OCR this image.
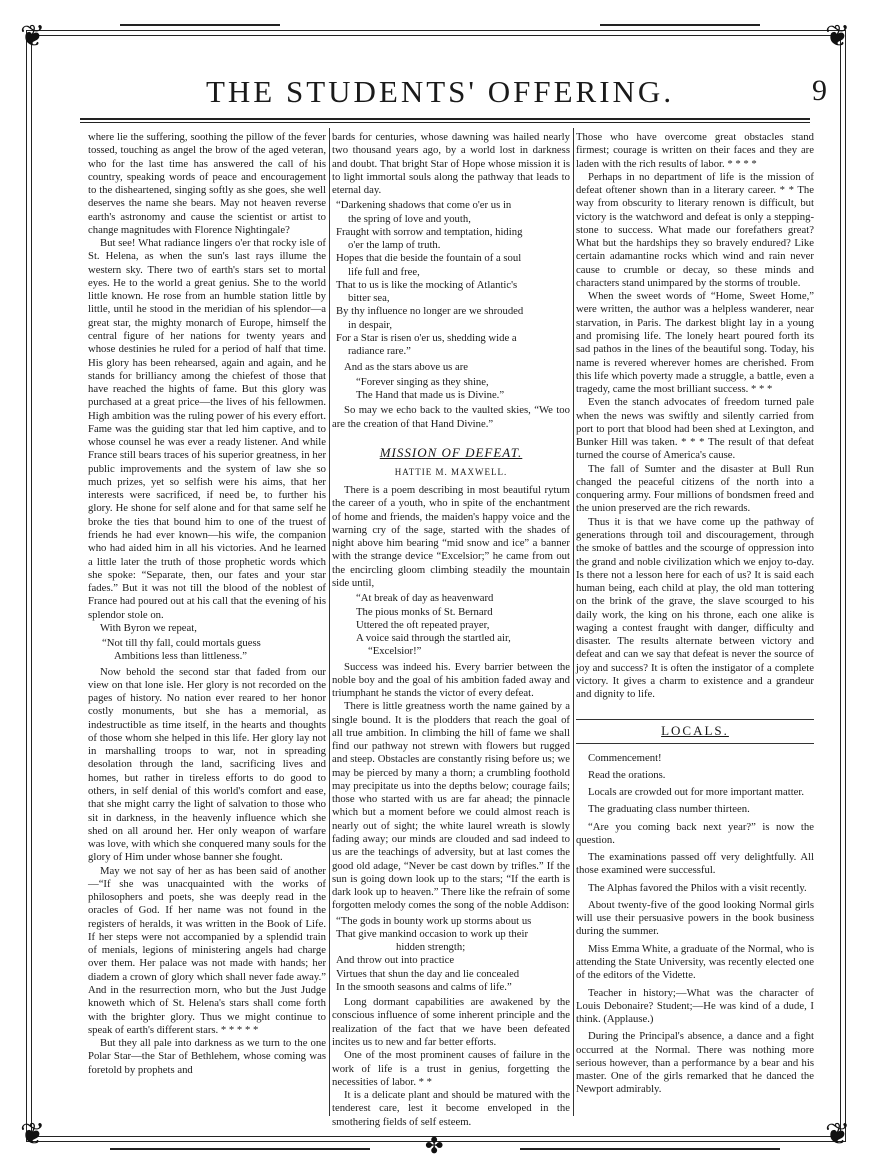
❦	❦
❦	❦
✤
THE STUDENTS' OFFERING.	9

where lie the suffering, soothing the pillow of the fever tossed, touching as angel the brow of the aged veteran, who for the last time has answered the call of his country, speaking words of peace and encouragement to the disheartened, singing softly as she goes, she well deserves the name she bears. May not heaven reverse earth's astronomy and cause the scientist or artist to change magnitudes with Florence Nightingale?

But see! What radiance lingers o'er that rocky isle of St. Helena, as when the sun's last rays illume the western sky. There two of earth's stars set to mortal eyes. He to the world a great genius. She to the world little known. He rose from an humble station little by little, until he stood in the meridian of his splendor—a great star, the mighty monarch of Europe, himself the central figure of her nations for twenty years and whose destinies he ruled for a period of half that time. His glory has been rehearsed, again and again, and he stands for brilliancy among the chiefest of those that have reached the hights of fame. But this glory was purchased at a great price—the lives of his fellowmen. High ambition was the ruling power of his every effort. Fame was the guiding star that led him captive, and to whose counsel he was ever a ready listener. And while France still bears traces of his superior greatness, in her public improvements and the system of law she so much prizes, yet so selfish were his aims, that her interests were sacrificed, if need be, to further his glory. He shone for self alone and for that same self he broke the ties that bound him to one of the truest of friends he had ever known—his wife, the companion who had aided him in all his victories. And he learned a little later the truth of those prophetic words which she spoke: “Separate, then, our fates and your star fades.” But it was not till the blood of the noblest of France had poured out at his call that the evening of his splendor stole on.

With Byron we repeat,

“Not till thy fall, could mortals guess
Ambitions less than littleness.”

Now behold the second star that faded from our view on that lone isle. Her glory is not recorded on the pages of history. No nation ever reared to her honor costly monuments, but she has a memorial, as indestructible as time itself, in the hearts and thoughts of those whom she helped in this life. Her glory lay not in marshalling troops to war, not in spreading desolation through the land, sacrificing lives and homes, but rather in tireless efforts to do good to others, in self denial of this world's comfort and ease, that she might carry the light of salvation to those who sit in darkness, in the heavenly influence which she shed on all around her. Her only weapon of warfare was love, with which she conquered many souls for the glory of Him under whose banner she fought.

May we not say of her as has been said of another—“If she was unacquainted with the works of philosophers and poets, she was deeply read in the oracles of God. If her name was not found in the registers of heralds, it was written in the Book of Life. If her steps were not accompanied by a splendid train of menials, legions of ministering angels had charge over them. Her palace was not made with hands; her diadem a crown of glory which shall never fade away.” And in the resurrection morn, who but the Just Judge knoweth which of St. Helena's stars shall come forth with the brighter glory. Thus we might continue to speak of earth's different stars. * * * * *

But they all pale into darkness as we turn to the one Polar Star—the Star of Bethlehem, whose coming was foretold by prophets and

bards for centuries, whose dawning was hailed nearly two thousand years ago, by a world lost in darkness and doubt. That bright Star of Hope whose mission it is to light immortal souls along the pathway that leads to eternal day.

“Darkening shadows that come o'er us in
the spring of love and youth,
Fraught with sorrow and temptation, hiding
o'er the lamp of truth.
Hopes that die beside the fountain of a soul
life full and free,
That to us is like the mocking of Atlantic's
bitter sea,
By thy influence no longer are we shrouded
in despair,
For a Star is risen o'er us, shedding wide a
radiance rare.”

And as the stars above us are

“Forever singing as they shine,
The Hand that made us is Divine.”

So may we echo back to the vaulted skies, “We too are the creation of that Hand Divine.”

MISSION OF DEFEAT.
HATTIE M. MAXWELL.

There is a poem describing in most beautiful rytum the career of a youth, who in spite of the enchantment of home and friends, the maiden's happy voice and the warning cry of the sage, started with the shades of night above him bearing “mid snow and ice” a banner with the strange device “Excelsior;” he came from out the encircling gloom climbing steadily the mountain side until,

“At break of day as heavenward
The pious monks of St. Bernard
Uttered the oft repeated prayer,
A voice said through the startled air,
“Excelsior!”

Success was indeed his. Every barrier between the noble boy and the goal of his ambition faded away and triumphant he stands the victor of every defeat.

There is little greatness worth the name gained by a single bound. It is the plodders that reach the goal of all true ambition. In climbing the hill of fame we shall find our pathway not strewn with flowers but rugged and steep. Obstacles are constantly rising before us; we may be pierced by many a thorn; a crumbling foothold may precipitate us into the depths below; courage fails; those who started with us are far ahead; the pinnacle which but a moment before we could almost reach is nearly out of sight; the white laurel wreath is slowly fading away; our minds are clouded and sad indeed to us are the teachings of adversity, but at last comes the good old adage, “Never be cast down by trifles.” If the sun is going down look up to the stars; “If the earth is dark look up to heaven.” There like the refrain of some forgotten melody comes the song of the noble Addison:

“The gods in bounty work up storms about us
That give mankind occasion to work up their
hidden strength;
And throw out into practice
Virtues that shun the day and lie concealed
In the smooth seasons and calms of life.”

Long dormant capabilities are awakened by the conscious influence of some inherent principle and the realization of the fact that we have been defeated incites us to new and far better efforts.

One of the most prominent causes of failure in the work of life is a trust in genius, forgetting the necessities of labor. * *

It is a delicate plant and should be matured with the tenderest care, lest it become enveloped in the smothering fields of self esteem.

Those who have overcome great obstacles stand firmest; courage is written on their faces and they are laden with the rich results of labor. * * * *

Perhaps in no department of life is the mission of defeat oftener shown than in a literary career. * * The way from obscurity to literary renown is difficult, but victory is the watchword and defeat is only a stepping-stone to success. What made our forefathers great? What but the hardships they so bravely endured? Like certain adamantine rocks which wind and rain never cause to crumble or decay, so these minds and characters stand unimpared by the storms of trouble.

When the sweet words of “Home, Sweet Home,” were written, the author was a helpless wanderer, near starvation, in Paris. The darkest blight lay in a young and promising life. The lonely heart poured forth its sad pathos in the lines of the beautiful song. Today, his name is revered wherever homes are cherished. From this life which poverty made a struggle, a battle, even a tragedy, came the most brilliant success. * * *

Even the stanch advocates of freedom turned pale when the news was swiftly and silently carried from port to port that blood had been shed at Lexington, and Bunker Hill was taken. * * * The result of that defeat turned the course of America's cause.

The fall of Sumter and the disaster at Bull Run changed the peaceful citizens of the north into a conquering army. Four millions of bondsmen freed and the union preserved are the rich rewards.

Thus it is that we have come up the pathway of generations through toil and discouragement, through the smoke of battles and the scourge of oppression into the grand and noble civilization which we enjoy to-day. Is there not a lesson here for each of us? It is said each human being, each child at play, the old man tottering on the brink of the grave, the slave scourged to his daily work, the king on his throne, each one alike is waging a contest fraught with danger, difficulty and disaster. The results alternate between victory and defeat and can we say that defeat is never the source of joy and success? It is often the instigator of a complete victory. It gives a charm to existence and a grandeur and dignity to life.

LOCALS.

Commencement!

Read the orations.

Locals are crowded out for more important matter.

The graduating class number thirteen.

“Are you coming back next year?” is now the question.

The examinations passed off very delightfully. All those examined were successful.

The Alphas favored the Philos with a visit recently.

About twenty-five of the good looking Normal girls will use their persuasive powers in the book business during the summer.

Miss Emma White, a graduate of the Normal, who is attending the State University, was recently elected one of the editors of the Vidette.

Teacher in history;—What was the character of Louis Debonaire? Student;—He was kind of a dude, I think. (Applause.)

During the Principal's absence, a dance and a fight occurred at the Normal. There was nothing more serious however, than a performance by a bear and his master. One of the girls remarked that he danced the Newport admirably.
